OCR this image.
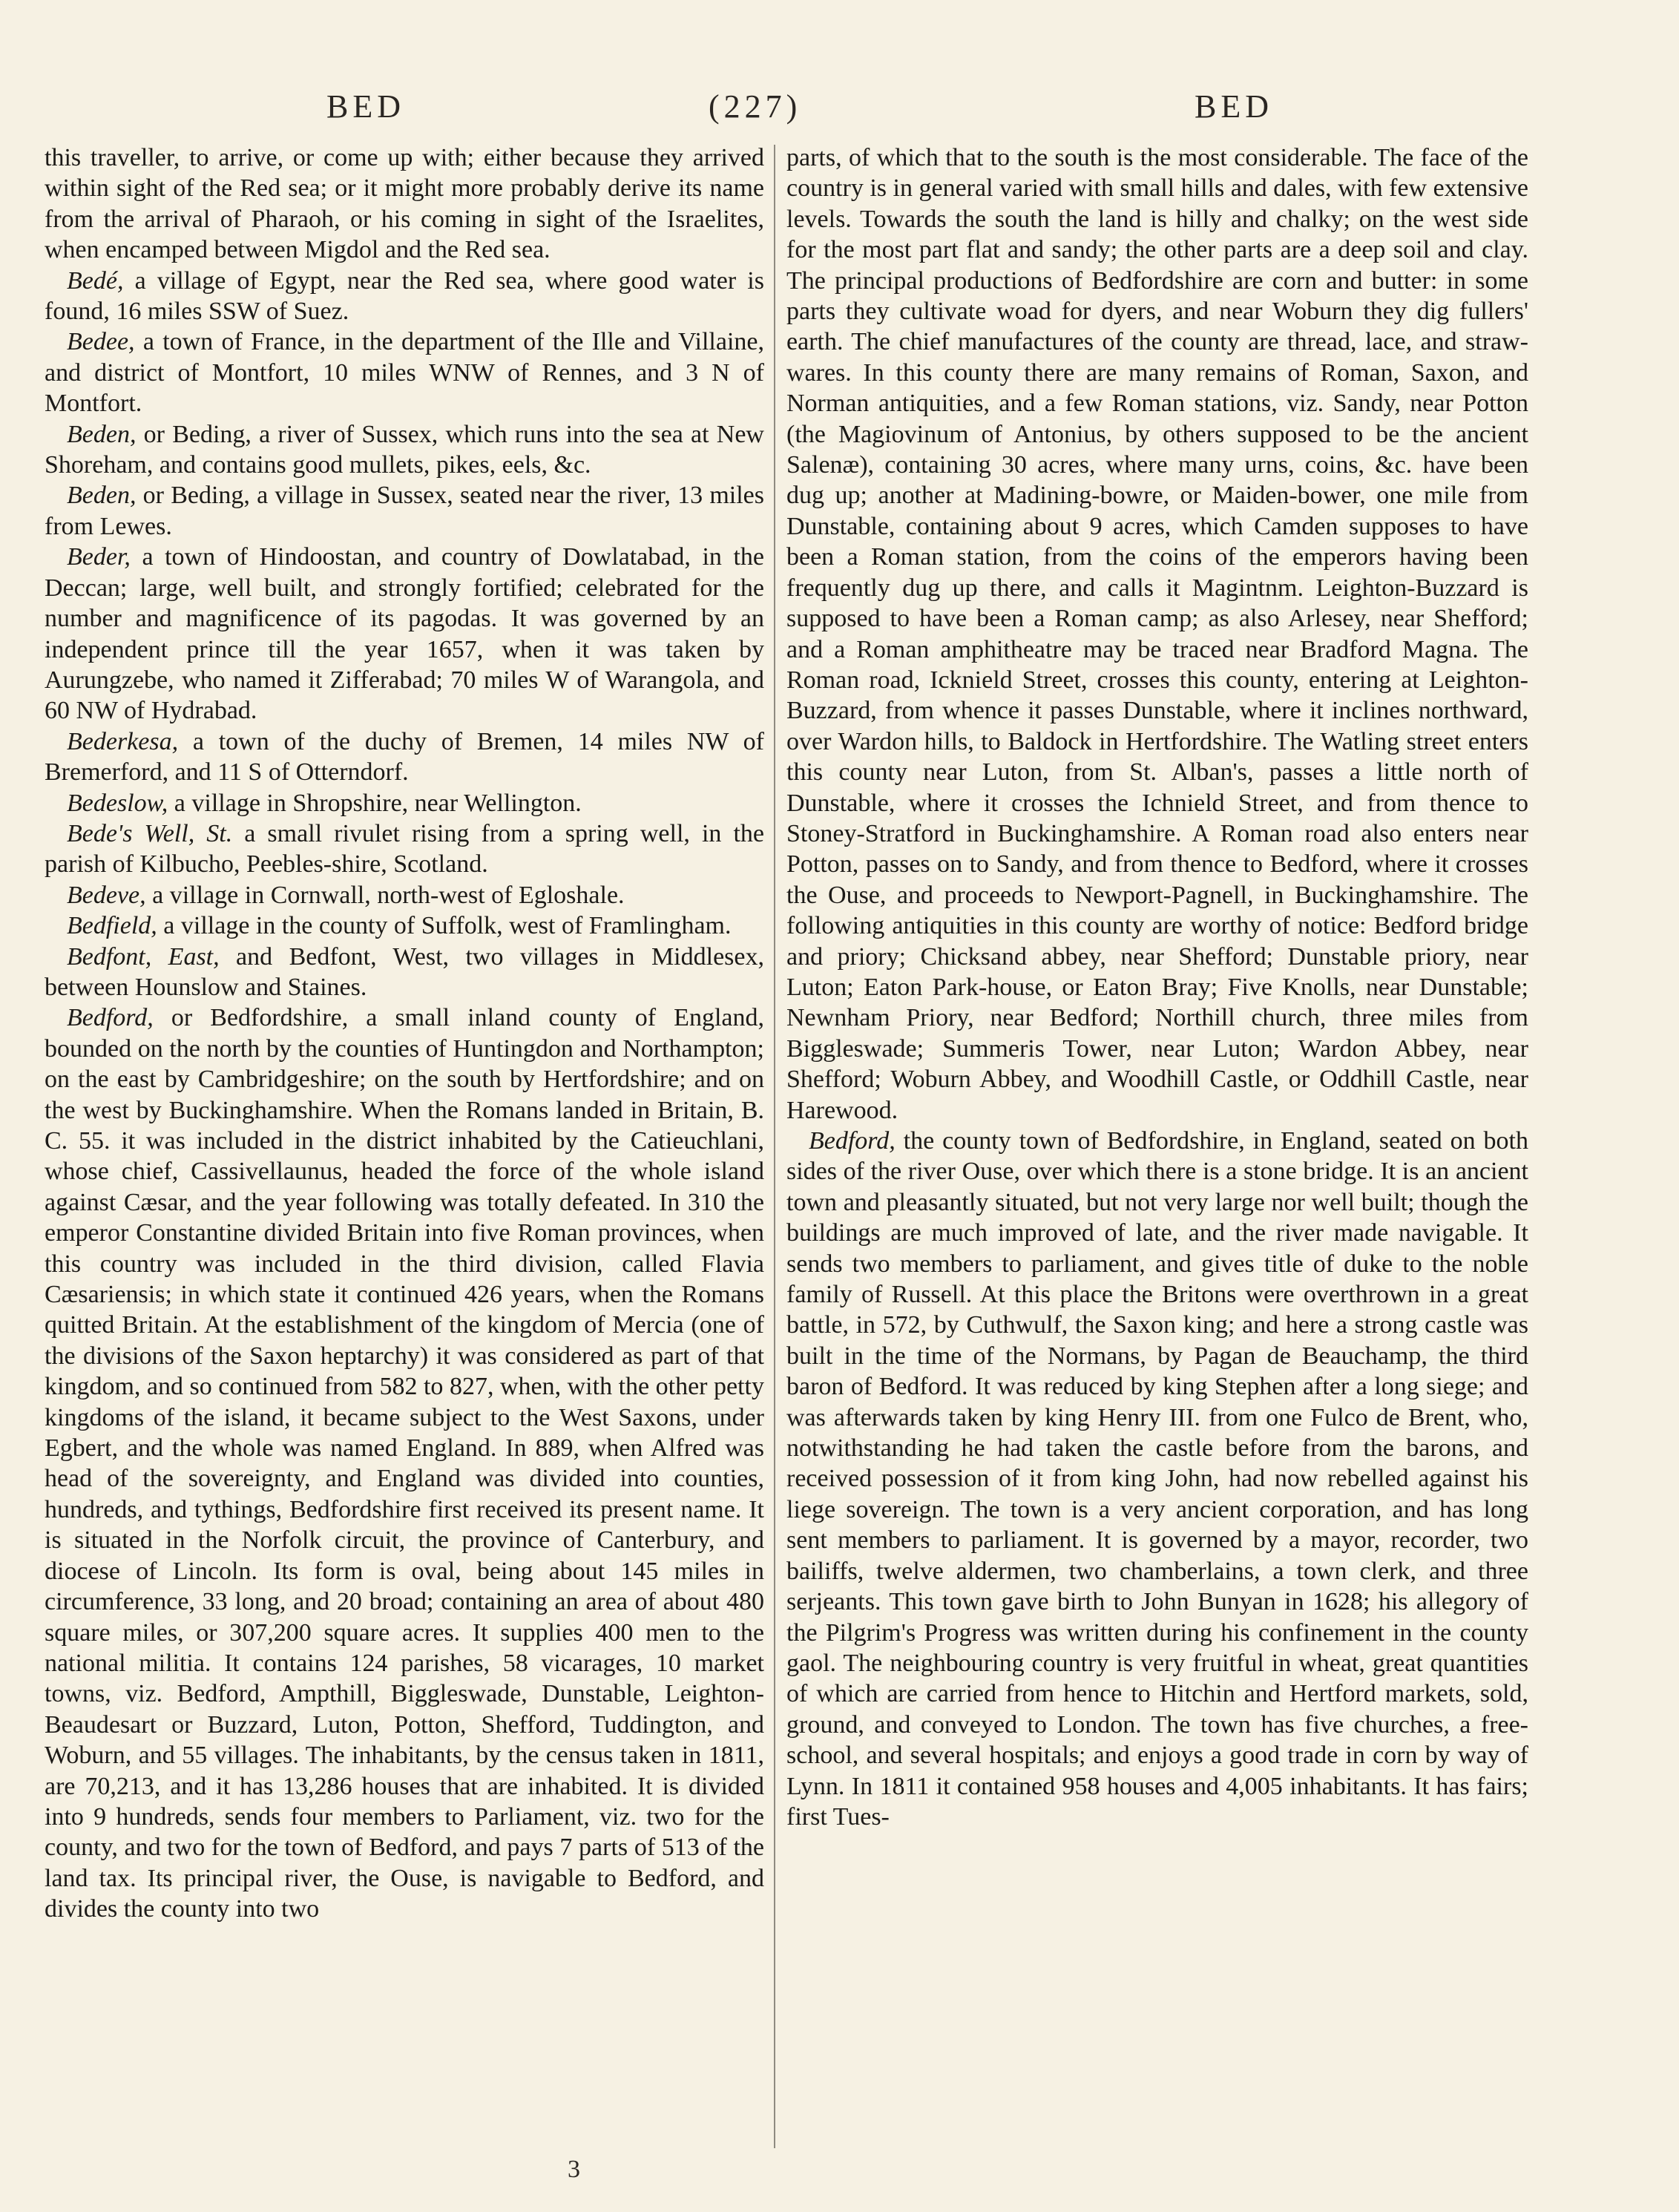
BED	(227)	BED

this traveller, to arrive, or come up with; either because they arrived within sight of the Red sea; or it might more probably derive its name from the arrival of Pharaoh, or his coming in sight of the Israelites, when encamped between Migdol and the Red sea.

Bedé, a village of Egypt, near the Red sea, where good water is found, 16 miles SSW of Suez.

Bedee, a town of France, in the department of the Ille and Villaine, and district of Montfort, 10 miles WNW of Rennes, and 3 N of Montfort.

Beden, or Beding, a river of Sussex, which runs into the sea at New Shoreham, and contains good mullets, pikes, eels, &c.

Beden, or Beding, a village in Sussex, seated near the river, 13 miles from Lewes.

Beder, a town of Hindoostan, and country of Dowlatabad, in the Deccan; large, well built, and strongly fortified; celebrated for the number and magnificence of its pagodas. It was governed by an independent prince till the year 1657, when it was taken by Aurungzebe, who named it Zifferabad; 70 miles W of Warangola, and 60 NW of Hydrabad.

Bederkesa, a town of the duchy of Bremen, 14 miles NW of Bremerford, and 11 S of Otterndorf.

Bedeslow, a village in Shropshire, near Wellington.

Bede's Well, St. a small rivulet rising from a spring well, in the parish of Kilbucho, Peebles-shire, Scotland.

Bedeve, a village in Cornwall, north-west of Egloshale.

Bedfield, a village in the county of Suffolk, west of Framlingham.

Bedfont, East, and Bedfont, West, two villages in Middlesex, between Hounslow and Staines.

Bedford, or Bedfordshire, a small inland county of England, bounded on the north by the counties of Huntingdon and Northampton; on the east by Cambridgeshire; on the south by Hertfordshire; and on the west by Buckinghamshire. When the Romans landed in Britain, B. C. 55. it was included in the district inhabited by the Catieuchlani, whose chief, Cassivellaunus, headed the force of the whole island against Cæsar, and the year following was totally defeated. In 310 the emperor Constantine divided Britain into five Roman provinces, when this country was included in the third division, called Flavia Cæsariensis; in which state it continued 426 years, when the Romans quitted Britain. At the establishment of the kingdom of Mercia (one of the divisions of the Saxon heptarchy) it was considered as part of that kingdom, and so continued from 582 to 827, when, with the other petty kingdoms of the island, it became subject to the West Saxons, under Egbert, and the whole was named England. In 889, when Alfred was head of the sovereignty, and England was divided into counties, hundreds, and tythings, Bedfordshire first received its present name. It is situated in the Norfolk circuit, the province of Canterbury, and diocese of Lincoln. Its form is oval, being about 145 miles in circumference, 33 long, and 20 broad; containing an area of about 480 square miles, or 307,200 square acres. It supplies 400 men to the national militia. It contains 124 parishes, 58 vicarages, 10 market towns, viz. Bedford, Ampthill, Biggleswade, Dunstable, Leighton-Beaudesart or Buzzard, Luton, Potton, Shefford, Tuddington, and Woburn, and 55 villages. The inhabitants, by the census taken in 1811, are 70,213, and it has 13,286 houses that are inhabited. It is divided into 9 hundreds, sends four members to Parliament, viz. two for the county, and two for the town of Bedford, and pays 7 parts of 513 of the land tax. Its principal river, the Ouse, is navigable to Bedford, and divides the county into two

parts, of which that to the south is the most considerable. The face of the country is in general varied with small hills and dales, with few extensive levels. Towards the south the land is hilly and chalky; on the west side for the most part flat and sandy; the other parts are a deep soil and clay. The principal productions of Bedfordshire are corn and butter: in some parts they cultivate woad for dyers, and near Woburn they dig fullers' earth. The chief manufactures of the county are thread, lace, and straw-wares. In this county there are many remains of Roman, Saxon, and Norman antiquities, and a few Roman stations, viz. Sandy, near Potton (the Magiovinum of Antonius, by others supposed to be the ancient Salenæ), containing 30 acres, where many urns, coins, &c. have been dug up; another at Madining-bowre, or Maiden-bower, one mile from Dunstable, containing about 9 acres, which Camden supposes to have been a Roman station, from the coins of the emperors having been frequently dug up there, and calls it Magintnm. Leighton-Buzzard is supposed to have been a Roman camp; as also Arlesey, near Shefford; and a Roman amphitheatre may be traced near Bradford Magna. The Roman road, Icknield Street, crosses this county, entering at Leighton-Buzzard, from whence it passes Dunstable, where it inclines northward, over Wardon hills, to Baldock in Hertfordshire. The Watling street enters this county near Luton, from St. Alban's, passes a little north of Dunstable, where it crosses the Ichnield Street, and from thence to Stoney-Stratford in Buckinghamshire. A Roman road also enters near Potton, passes on to Sandy, and from thence to Bedford, where it crosses the Ouse, and proceeds to Newport-Pagnell, in Buckinghamshire. The following antiquities in this county are worthy of notice: Bedford bridge and priory; Chicksand abbey, near Shefford; Dunstable priory, near Luton; Eaton Park-house, or Eaton Bray; Five Knolls, near Dunstable; Newnham Priory, near Bedford; Northill church, three miles from Biggleswade; Summeris Tower, near Luton; Wardon Abbey, near Shefford; Woburn Abbey, and Woodhill Castle, or Oddhill Castle, near Harewood.

Bedford, the county town of Bedfordshire, in England, seated on both sides of the river Ouse, over which there is a stone bridge. It is an ancient town and pleasantly situated, but not very large nor well built; though the buildings are much improved of late, and the river made navigable. It sends two members to parliament, and gives title of duke to the noble family of Russell. At this place the Britons were overthrown in a great battle, in 572, by Cuthwulf, the Saxon king; and here a strong castle was built in the time of the Normans, by Pagan de Beauchamp, the third baron of Bedford. It was reduced by king Stephen after a long siege; and was afterwards taken by king Henry III. from one Fulco de Brent, who, notwithstanding he had taken the castle before from the barons, and received possession of it from king John, had now rebelled against his liege sovereign. The town is a very ancient corporation, and has long sent members to parliament. It is governed by a mayor, recorder, two bailiffs, twelve aldermen, two chamberlains, a town clerk, and three serjeants. This town gave birth to John Bunyan in 1628; his allegory of the Pilgrim's Progress was written during his confinement in the county gaol. The neighbouring country is very fruitful in wheat, great quantities of which are carried from hence to Hitchin and Hertford markets, sold, ground, and conveyed to London. The town has five churches, a free-school, and several hospitals; and enjoys a good trade in corn by way of Lynn. In 1811 it contained 958 houses and 4,005 inhabitants. It has fairs; first Tues-

3
